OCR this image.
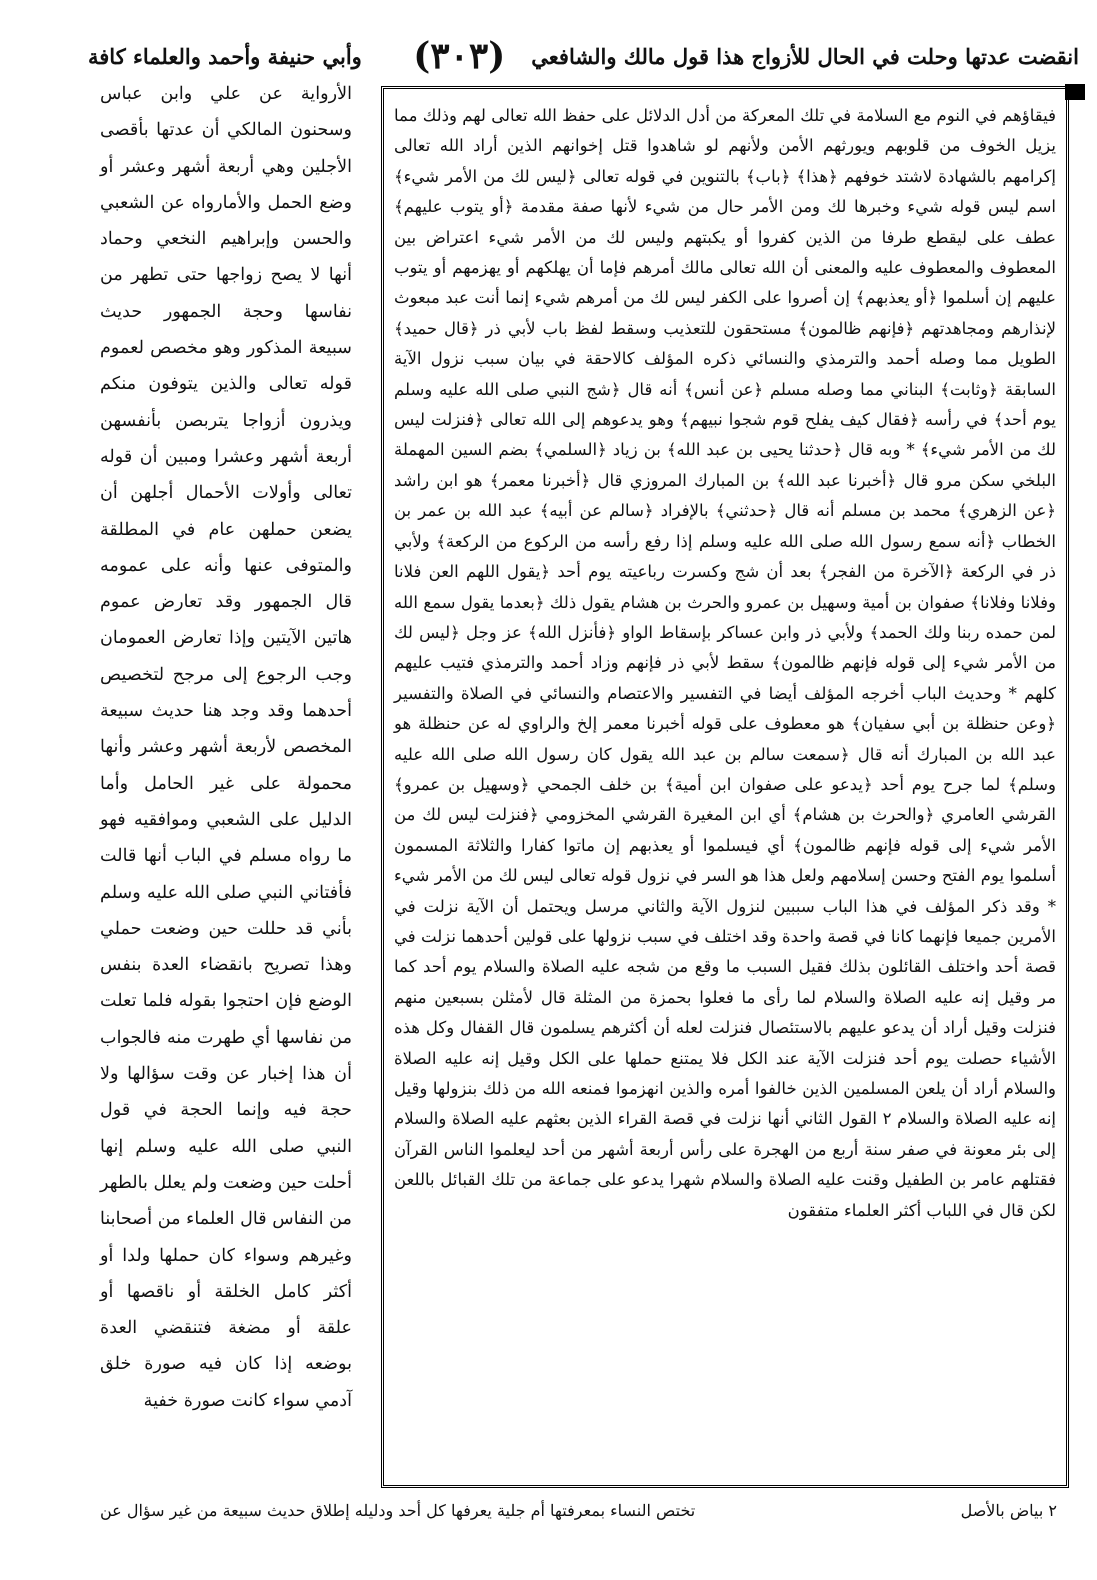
انقضت عدتها وحلت في الحال للأزواج هذا قول مالك والشافعي
(٣٠٣)
وأبي حنيفة وأحمد والعلماء كافة

فيقاؤهم في النوم مع السلامة في تلك المعركة من أدل الدلائل على حفظ الله تعالى لهم وذلك مما يزيل الخوف من قلوبهم ويورثهم الأمن ولأنهم لو شاهدوا قتل إخوانهم الذين أراد الله تعالى إكرامهم بالشهادة لاشتد خوفهم ﴿هذا﴾ ﴿باب﴾ بالتنوين في قوله تعالى ﴿ليس لك من الأمر شيء﴾ اسم ليس قوله شيء وخبرها لك ومن الأمر حال من شيء لأنها صفة مقدمة ﴿أو يتوب عليهم﴾ عطف على ليقطع طرفا من الذين كفروا أو يكبتهم وليس لك من الأمر شيء اعتراض بين المعطوف والمعطوف عليه والمعنى أن الله تعالى مالك أمرهم فإما أن يهلكهم أو يهزمهم أو يتوب عليهم إن أسلموا ﴿أو يعذبهم﴾ إن أصروا على الكفر ليس لك من أمرهم شيء إنما أنت عبد مبعوث لإنذارهم ومجاهدتهم ﴿فإنهم ظالمون﴾ مستحقون للتعذيب وسقط لفظ باب لأبي ذر ﴿قال حميد﴾ الطويل مما وصله أحمد والترمذي والنسائي ذكره المؤلف كالاحقة في بيان سبب نزول الآية السابقة ﴿وثابت﴾ البناني مما وصله مسلم ﴿عن أنس﴾ أنه قال ﴿شج النبي صلى الله عليه وسلم يوم أحد﴾ في رأسه ﴿فقال كيف يفلح قوم شجوا نبيهم﴾ وهو يدعوهم إلى الله تعالى ﴿فنزلت ليس لك من الأمر شيء﴾ * وبه قال ﴿حدثنا يحيى بن عبد الله﴾ بن زياد ﴿السلمي﴾ بضم السين المهملة البلخي سكن مرو قال ﴿أخبرنا عبد الله﴾ بن المبارك المروزي قال ﴿أخبرنا معمر﴾ هو ابن راشد ﴿عن الزهري﴾ محمد بن مسلم أنه قال ﴿حدثني﴾ بالإفراد ﴿سالم عن أبيه﴾ عبد الله بن عمر بن الخطاب ﴿أنه سمع رسول الله صلى الله عليه وسلم إذا رفع رأسه من الركوع من الركعة﴾ ولأبي ذر في الركعة ﴿الآخرة من الفجر﴾ بعد أن شج وكسرت رباعيته يوم أحد ﴿يقول اللهم العن فلانا وفلانا وفلانا﴾ صفوان بن أمية وسهيل بن عمرو والحرث بن هشام يقول ذلك ﴿بعدما يقول سمع الله لمن حمده ربنا ولك الحمد﴾ ولأبي ذر وابن عساكر بإسقاط الواو ﴿فأنزل الله﴾ عز وجل ﴿ليس لك من الأمر شيء إلى قوله فإنهم ظالمون﴾ سقط لأبي ذر فإنهم وزاد أحمد والترمذي فتيب عليهم كلهم * وحديث الباب أخرجه المؤلف أيضا في التفسير والاعتصام والنسائي في الصلاة والتفسير ﴿وعن حنظلة بن أبي سفيان﴾ هو معطوف على قوله أخبرنا معمر إلخ والراوي له عن حنظلة هو عبد الله بن المبارك أنه قال ﴿سمعت سالم بن عبد الله يقول كان رسول الله صلى الله عليه وسلم﴾ لما جرح يوم أحد ﴿يدعو على صفوان ابن أمية﴾ بن خلف الجمحي ﴿وسهيل بن عمرو﴾ القرشي العامري ﴿والحرث بن هشام﴾ أي ابن المغيرة القرشي المخزومي ﴿فنزلت ليس لك من الأمر شيء إلى قوله فإنهم ظالمون﴾ أي فيسلموا أو يعذبهم إن ماتوا كفارا والثلاثة المسمون أسلموا يوم الفتح وحسن إسلامهم ولعل هذا هو السر في نزول قوله تعالى ليس لك من الأمر شيء * وقد ذكر المؤلف في هذا الباب سببين لنزول الآية والثاني مرسل ويحتمل أن الآية نزلت في الأمرين جميعا فإنهما كانا في قصة واحدة وقد اختلف في سبب نزولها على قولين أحدهما نزلت في قصة أحد واختلف القائلون بذلك فقيل السبب ما وقع من شجه عليه الصلاة والسلام يوم أحد كما مر وقيل إنه عليه الصلاة والسلام لما رأى ما فعلوا بحمزة من المثلة قال لأمثلن بسبعين منهم فنزلت وقيل أراد أن يدعو عليهم بالاستئصال فنزلت لعله أن أكثرهم يسلمون قال القفال وكل هذه الأشياء حصلت يوم أحد فنزلت الآية عند الكل فلا يمتنع حملها على الكل وقيل إنه عليه الصلاة والسلام أراد أن يلعن المسلمين الذين خالفوا أمره والذين انهزموا فمنعه الله من ذلك بنزولها وقيل إنه عليه الصلاة والسلام ٢ القول الثاني أنها نزلت في قصة القراء الذين بعثهم عليه الصلاة والسلام إلى بئر معونة في صفر سنة أربع من الهجرة على رأس أربعة أشهر من أحد ليعلموا الناس القرآن فقتلهم عامر بن الطفيل وقنت عليه الصلاة والسلام شهرا يدعو على جماعة من تلك القبائل باللعن لكن قال في اللباب أكثر العلماء متفقون

الأرواية عن علي وابن عباس وسحنون المالكي أن عدتها بأقصى الأجلين وهي أربعة أشهر وعشر أو وضع الحمل والأمارواه عن الشعبي والحسن وإبراهيم النخعي وحماد أنها لا يصح زواجها حتى تطهر من نفاسها وحجة الجمهور حديث سبيعة المذكور وهو مخصص لعموم قوله تعالى والذين يتوفون منكم ويذرون أزواجا يتربصن بأنفسهن أربعة أشهر وعشرا ومبين أن قوله تعالى وأولات الأحمال أجلهن أن يضعن حملهن عام في المطلقة والمتوفى عنها وأنه على عمومه قال الجمهور وقد تعارض عموم هاتين الآيتين وإذا تعارض العمومان وجب الرجوع إلى مرجح لتخصيص أحدهما وقد وجد هنا حديث سبيعة المخصص لأربعة أشهر وعشر وأنها محمولة على غير الحامل وأما الدليل على الشعبي وموافقيه فهو ما رواه مسلم في الباب أنها قالت فأفتاني النبي صلى الله عليه وسلم بأني قد حللت حين وضعت حملي وهذا تصريح بانقضاء العدة بنفس الوضع فإن احتجوا بقوله فلما تعلت من نفاسها أي طهرت منه فالجواب أن هذا إخبار عن وقت سؤالها ولا حجة فيه وإنما الحجة في قول النبي صلى الله عليه وسلم إنها أحلت حين وضعت ولم يعلل بالطهر من النفاس قال العلماء من أصحابنا وغيرهم وسواء كان حملها ولدا أو أكثر كامل الخلقة أو ناقصها أو علقة أو مضغة فتنقضي العدة بوضعه إذا كان فيه صورة خلق آدمي سواء كانت صورة خفية

٢ بياض بالأصل
تختص النساء بمعرفتها أم جلية يعرفها كل أحد ودليله إطلاق حديث سبيعة من غير سؤال عن
